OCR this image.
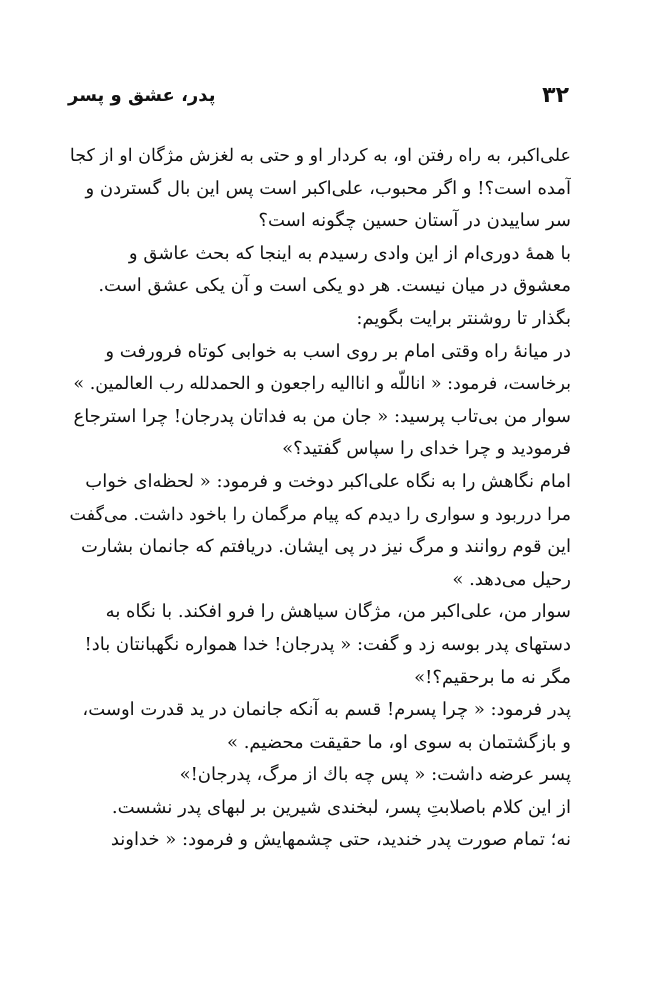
۳۲
پدر، عشق و پسر
علی‌اکبر، به راه رفتن او، به کردار او و حتی به لغزش مژگان او از کجا
آمده است؟! و اگر محبوب، علی‌اکبر است پس این بال گستردن و
سر ساییدن در آستان حسین چگونه است؟
با همهٔ دوری‌ام از این وادی رسیدم به اینجا که بحث عاشق و
معشوق در میان نیست. هر دو یکی است و آن یکی عشق است.
بگذار تا روشنتر برایت بگویم:
در میانهٔ راه وقتی امام بر روی اسب به خوابی کوتاه فرورفت و
برخاست، فرمود: « اناللّه و اناالیه راجعون و الحمدلله رب العالمین. »
سوار من بی‌تاب پرسید: « جان من به فداتان پدرجان! چرا استرجاع
فرمودید و چرا خدای را سپاس گفتید؟»
امام نگاهش را به نگاه علی‌اکبر دوخت و فرمود: « لحظه‌ای خواب
مرا درربود و سواری را دیدم که پیام مرگمان را باخود داشت. می‌گفت
این قوم روانند و مرگ نیز در پی ایشان. دریافتم که جانمان بشارت
رحیل می‌دهد. »
سوار من، علی‌اکبر من، مژگان سیاهش را فرو افکند. با نگاه به
دستهای پدر بوسه زد و گفت: « پدرجان! خدا همواره نگهبانتان باد!
مگر نه ما برحقیم؟!»
پدر فرمود: « چرا پسرم! قسم به آنکه جانمان در ید قدرت اوست،
و بازگشتمان به سوی او، ما حقیقت محضیم. »
پسر عرضه داشت: « پس چه باك از مرگ، پدرجان!»
از این کلام باصلابتِ پسر، لبخندی شیرین بر لبهای پدر نشست.
نه؛ تمام صورت پدر خندید، حتی چشمهایش و فرمود: « خداوند
